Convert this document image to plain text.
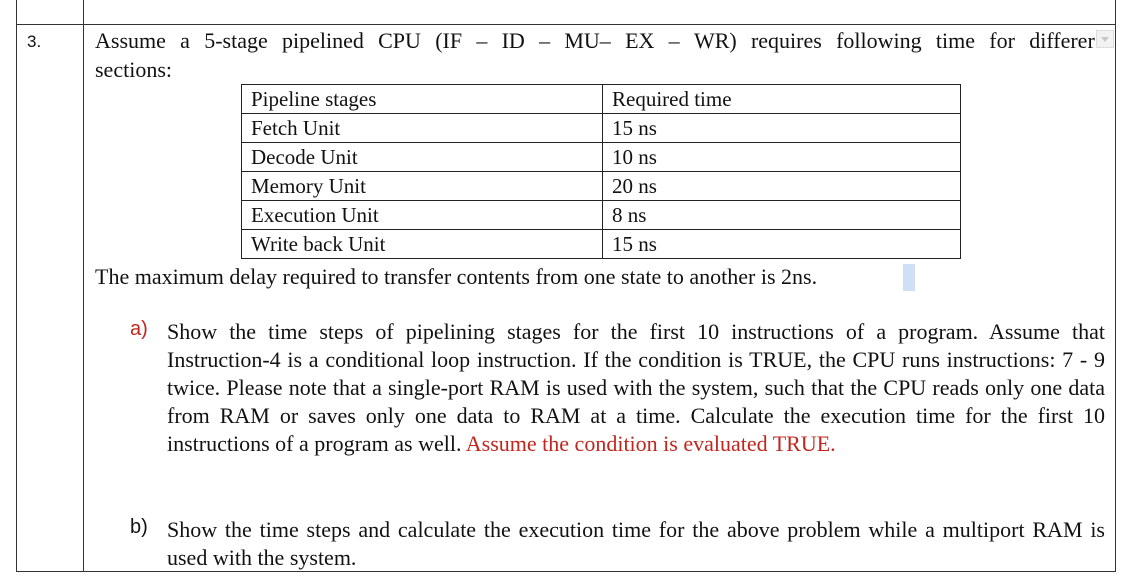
3. Assume a 5-stage pipelined CPU (IF – ID – MU– EX – WR) requires following time for differer
sections:
Pipeline stages	Required time
Fetch Unit	15 ns
Decode Unit	10 ns
Memory Unit	20 ns
Execution Unit	8 ns
Write back Unit	15 ns
The maximum delay required to transfer contents from one state to another is 2ns.
a) Show the time steps of pipelining stages for the first 10 instructions of a program. Assume that Instruction-4 is a conditional loop instruction. If the condition is TRUE, the CPU runs instructions: 7 - 9 twice. Please note that a single-port RAM is used with the system, such that the CPU reads only one data from RAM or saves only one data to RAM at a time. Calculate the execution time for the first 10 instructions of a program as well. Assume the condition is evaluated TRUE.
b) Show the time steps and calculate the execution time for the above problem while a multiport RAM is used with the system.
